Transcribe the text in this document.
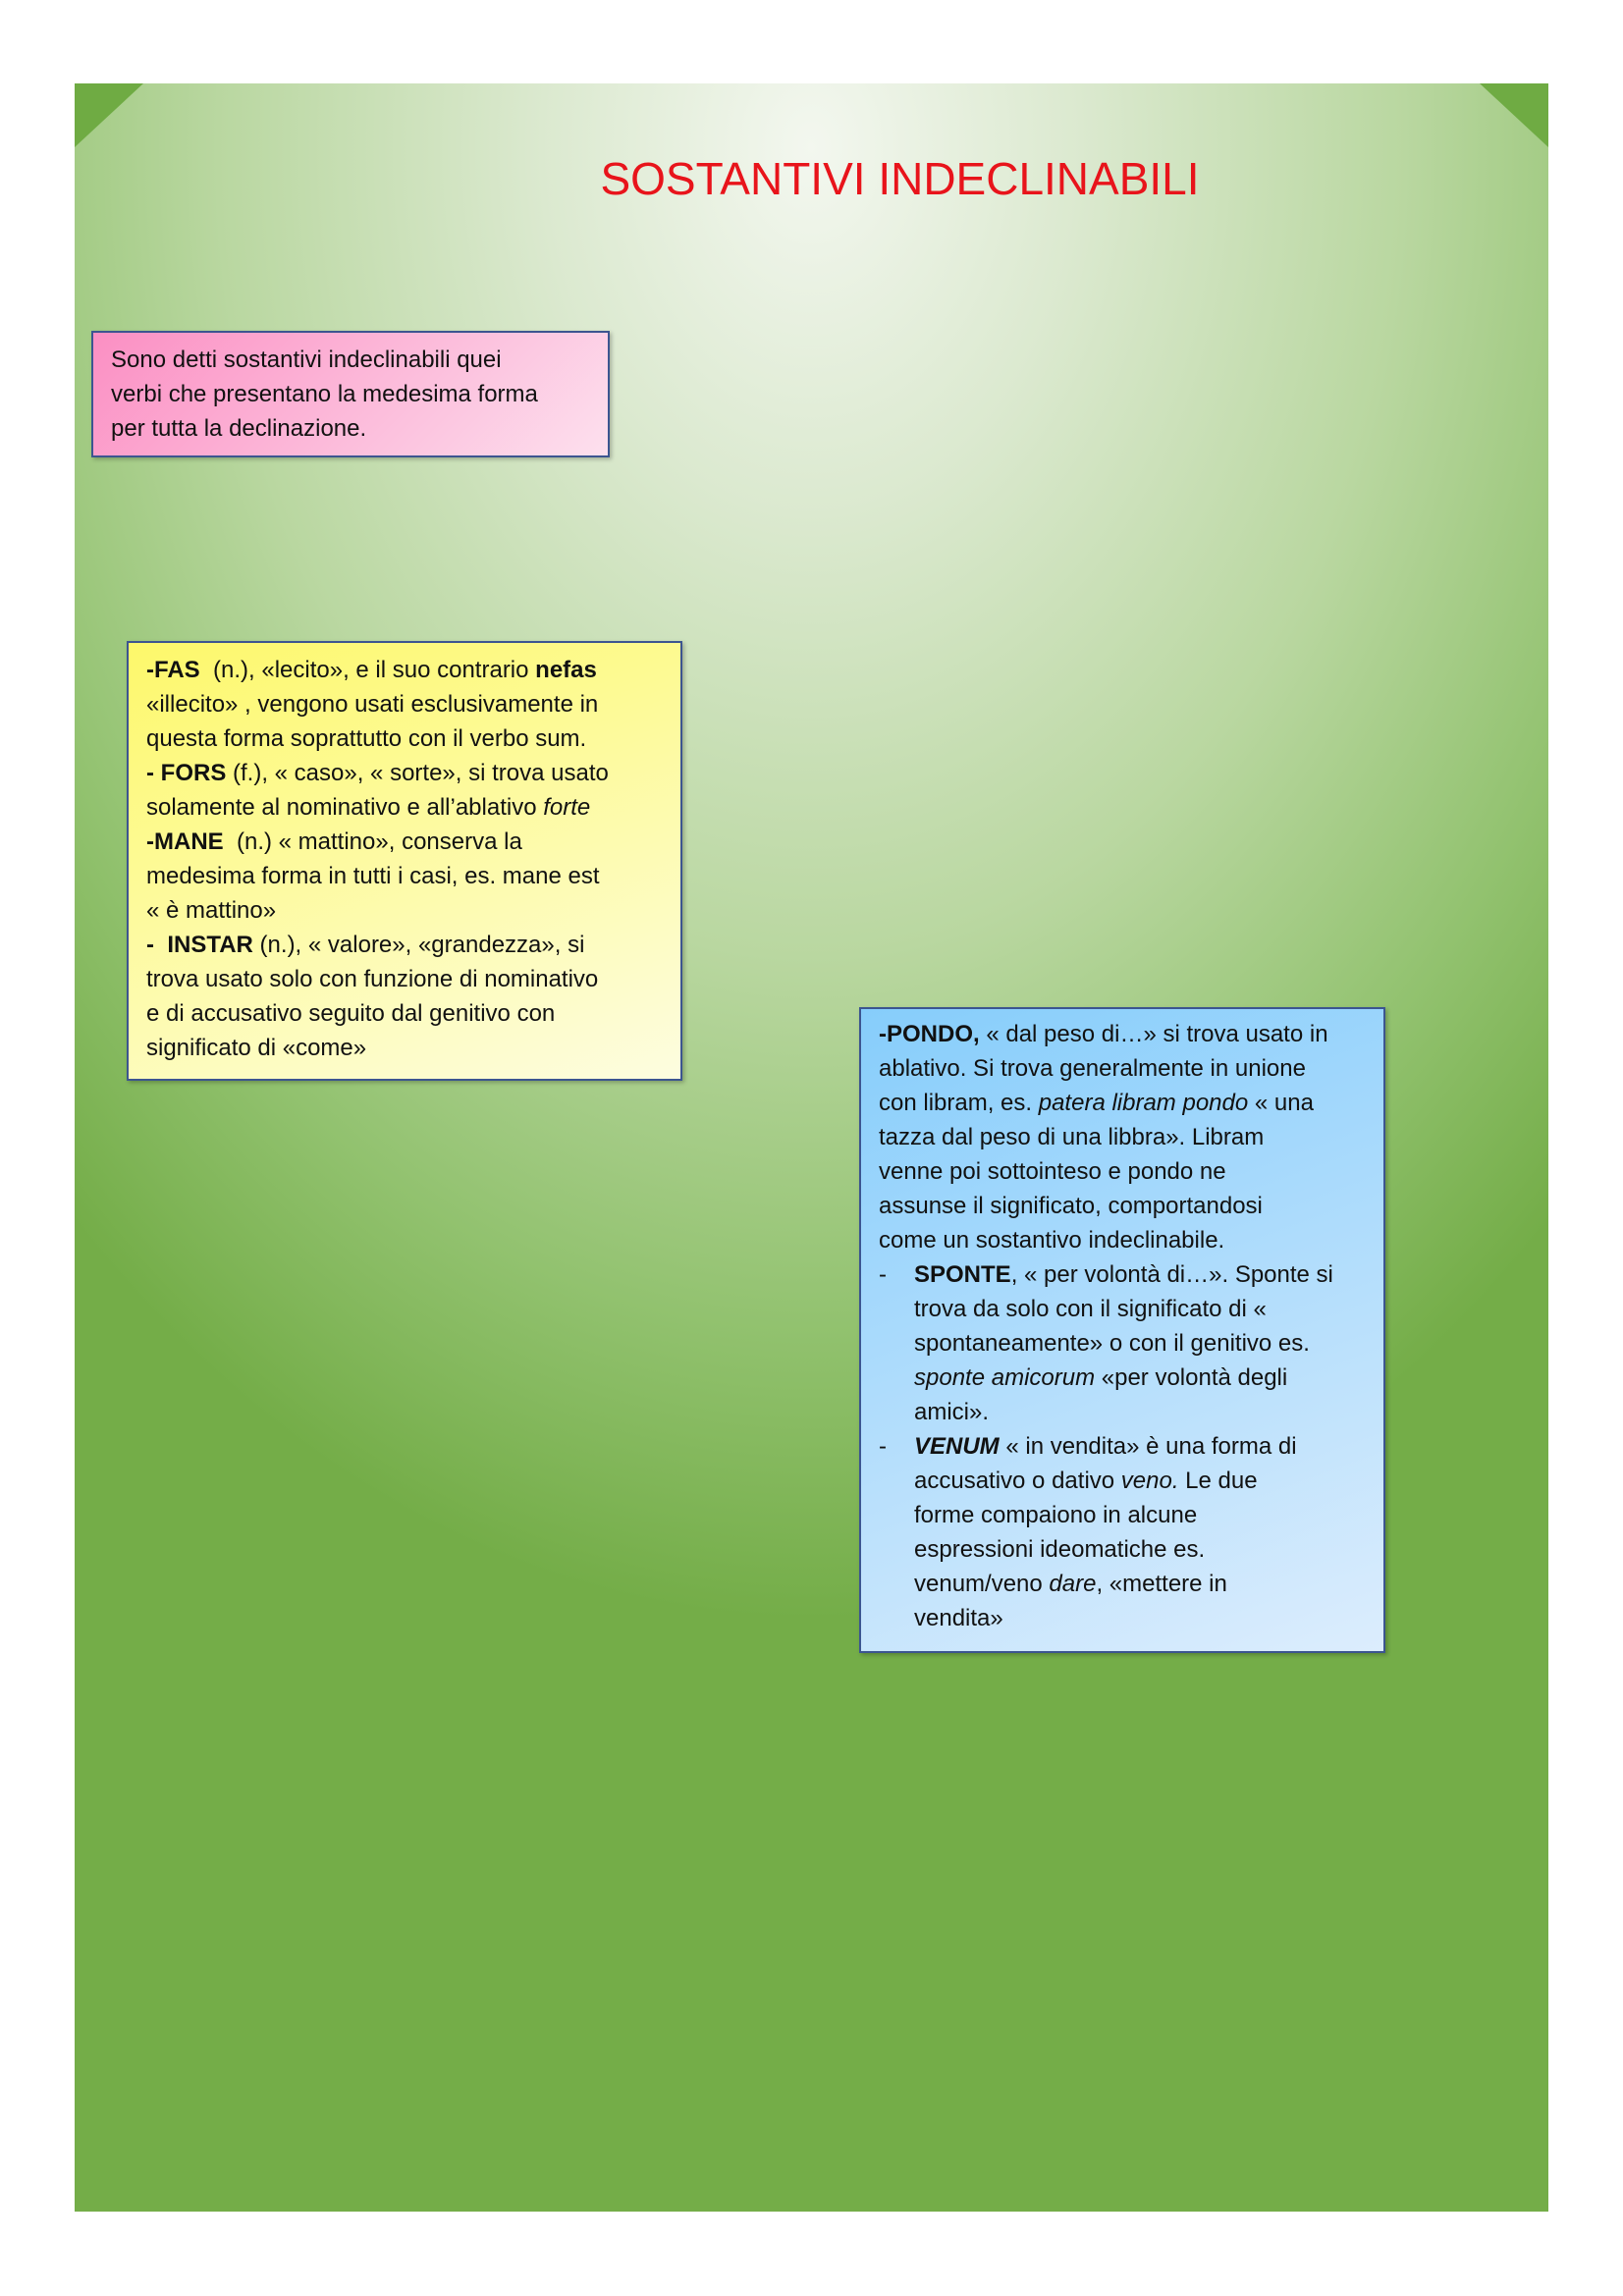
SOSTANTIVI INDECLINABILI
Sono detti sostantivi indeclinabili quei
verbi che presentano la medesima forma
per tutta la declinazione.
-FAS  (n.), «lecito», e il suo contrario nefas
«illecito» , vengono usati esclusivamente in
questa forma soprattutto con il verbo sum.
- FORS (f.), « caso», « sorte», si trova usato
solamente al nominativo e all’ablativo forte
-MANE  (n.) « mattino», conserva la
medesima forma in tutti i casi, es. mane est
« è mattino»
-  INSTAR (n.), « valore», «grandezza», si
trova usato solo con funzione di nominativo
e di accusativo seguito dal genitivo con
significato di «come»
-PONDO, « dal peso di…» si trova usato in
ablativo. Si trova generalmente in unione
con libram, es. patera libram pondo « una
tazza dal peso di una libbra». Libram
venne poi sottointeso e pondo ne
assunse il significato, comportandosi
come un sostantivo indeclinabile.
- SPONTE, « per volontà di…». Sponte si
trova da solo con il significato di «
spontaneamente» o con il genitivo es.
sponte amicorum «per volontà degli
amici».
- VENUM « in vendita» è una forma di
accusativo o dativo veno. Le due
forme compaiono in alcune
espressioni ideomatiche es.
venum/veno dare, «mettere in
vendita»
